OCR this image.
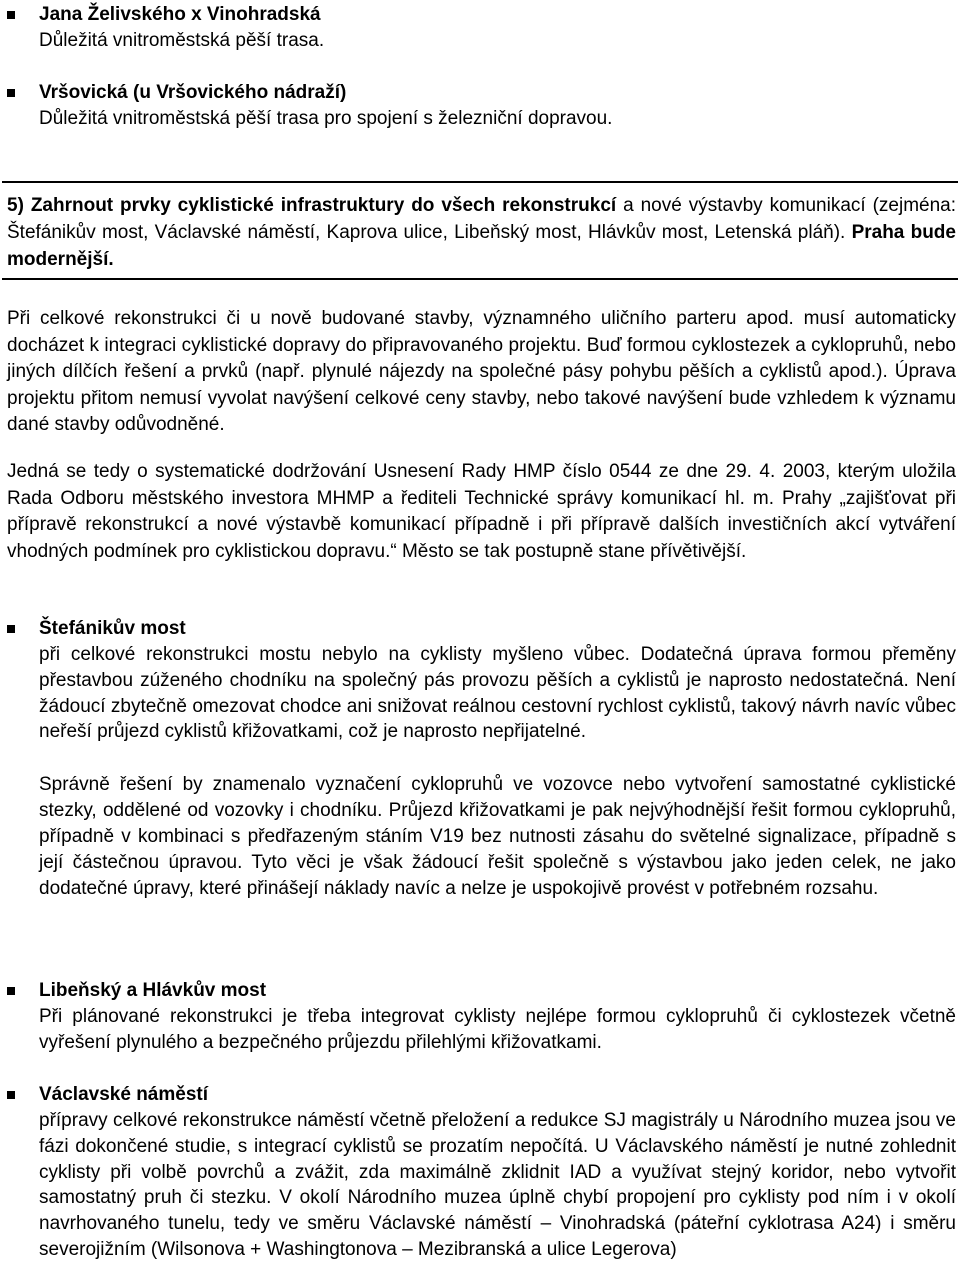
Jana Želivského x Vinohradská
Důležitá vnitroměstská pěší trasa.
Vršovická (u Vršovického nádraží)
Důležitá vnitroměstská pěší trasa pro spojení s železniční dopravou.

5) Zahrnout prvky cyklistické infrastruktury do všech rekonstrukcí a nové výstavby komunikací (zejména: Štefánikův most, Václavské náměstí, Kaprova ulice, Libeňský most, Hlávkův most, Letenská pláň). Praha bude modernější.

Při celkové rekonstrukci či u nově budované stavby, významného uličního parteru apod. musí automaticky docházet k integraci cyklistické dopravy do připravovaného projektu. Buď formou cyklostezek a cyklopruhů, nebo jiných dílčích řešení a prvků (např. plynulé nájezdy na společné pásy pohybu pěších a cyklistů apod.). Úprava projektu přitom nemusí vyvolat navýšení celkové ceny stavby, nebo takové navýšení bude vzhledem k významu dané stavby odůvodněné.

Jedná se tedy o systematické dodržování Usnesení Rady HMP číslo 0544 ze dne 29. 4. 2003, kterým uložila Rada Odboru městského investora MHMP a řediteli Technické správy komunikací hl. m. Prahy „zajišťovat při přípravě rekonstrukcí a nové výstavbě komunikací případně i při přípravě dalších investičních akcí vytváření vhodných podmínek pro cyklistickou dopravu.“ Město se tak postupně stane přívětivější.

Štefánikův most
při celkové rekonstrukci mostu nebylo na cyklisty myšleno vůbec. Dodatečná úprava formou přeměny přestavbou zúženého chodníku na společný pás provozu pěších a cyklistů je naprosto nedostatečná. Není žádoucí zbytečně omezovat chodce ani snižovat reálnou cestovní rychlost cyklistů, takový návrh navíc vůbec neřeší průjezd cyklistů křižovatkami, což je naprosto nepřijatelné.
Správně řešení by znamenalo vyznačení cyklopruhů ve vozovce nebo vytvoření samostatné cyklistické stezky, oddělené od vozovky i chodníku. Průjezd křižovatkami je pak nejvýhodnější řešit formou cyklopruhů, případně v kombinaci s předřazeným stáním V19 bez nutnosti zásahu do světelné signalizace, případně s její částečnou úpravou. Tyto věci je však žádoucí řešit společně s výstavbou jako jeden celek, ne jako dodatečné úpravy, které přinášejí náklady navíc a nelze je uspokojivě provést v potřebném rozsahu.
Libeňský a Hlávkův most
Při plánované rekonstrukci je třeba integrovat cyklisty nejlépe formou cyklopruhů či cyklostezek včetně vyřešení plynulého a bezpečného průjezdu přilehlými křižovatkami.
Václavské náměstí
přípravy celkové rekonstrukce náměstí včetně přeložení a redukce SJ magistrály u Národního muzea jsou ve fázi dokončené studie, s integrací cyklistů se prozatím nepočítá. U Václavského náměstí je nutné zohlednit cyklisty při volbě povrchů a zvážit, zda maximálně zklidnit IAD a využívat stejný koridor, nebo vytvořit samostatný pruh či stezku. V okolí Národního muzea úplně chybí propojení pro cyklisty pod ním i v okolí navrhovaného tunelu, tedy ve směru Václavské náměstí – Vinohradská (páteřní cyklotrasa A24) i směru severojižním (Wilsonova + Washingtonova – Mezibranská a ulice Legerova)
